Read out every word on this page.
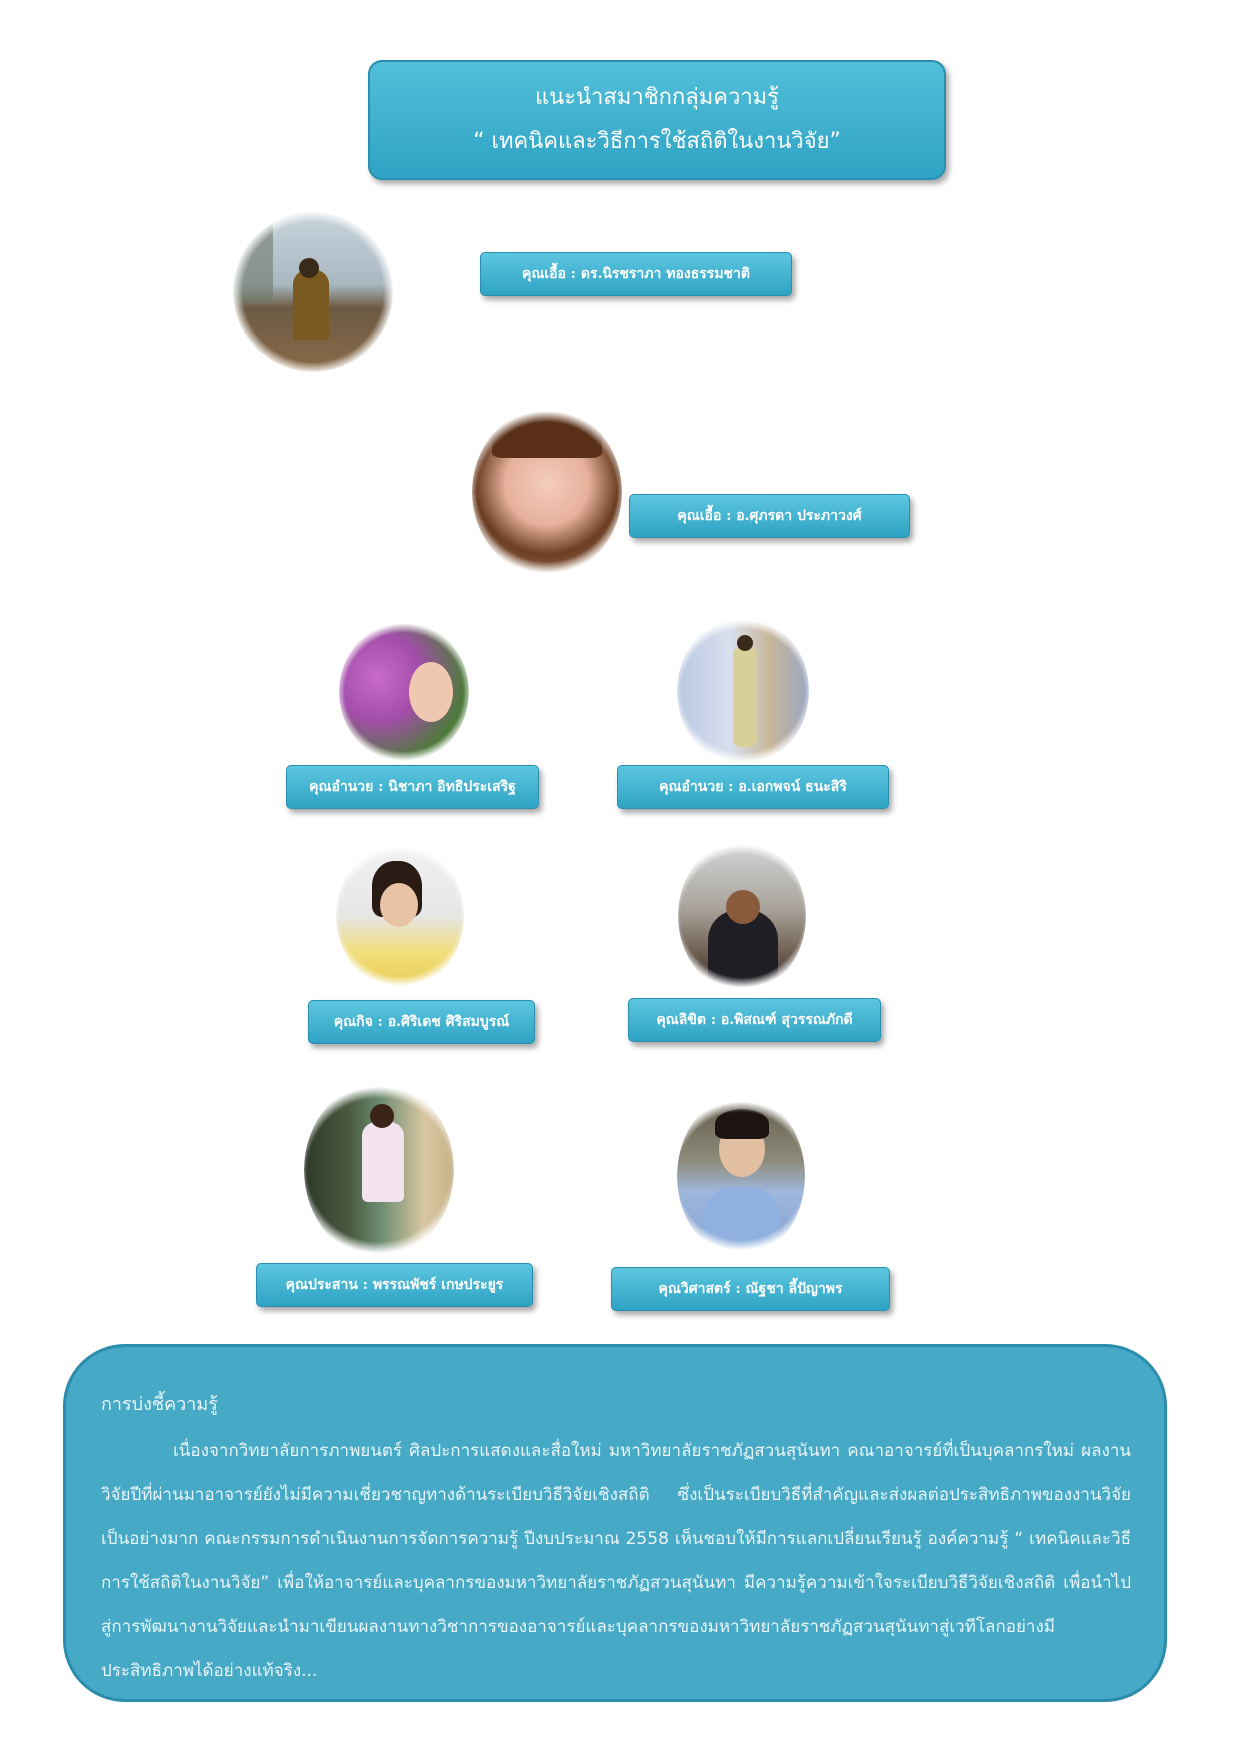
แนะนำสมาชิกกลุ่มความรู้
“ เทคนิคและวิธีการใช้สถิติในงานวิจัย”
คุณเอื้อ : ดร.นิรชราภา ทองธรรมชาติ
คุณเอื้อ : อ.ศุภรดา ประภาวงศ์
คุณอำนวย : นิชาภา อิทธิประเสริฐ	คุณอำนวย : อ.เอกพจน์ ธนะสิริ
คุณกิจ : อ.ศิริเดช ศิริสมบูรณ์	คุณลิขิต : อ.พิสณฑ์ สุวรรณภักดี
คุณประสาน : พรรณพัชร์ เกษประยูร	คุณวิศาสตร์ : ณัฐชา ลี้ปัญาพร
การบ่งชี้ความรู้
เนื่องจากวิทยาลัยการภาพยนตร์ ศิลปะการแสดงและสื่อใหม่ มหาวิทยาลัยราชภัฏสวนสุนันทา คณาอาจารย์ที่เป็นบุคลากรใหม่ ผลงานวิจัยปีที่ผ่านมาอาจารย์ยังไม่มีความเชี่ยวชาญทางด้านระเบียบวิธีวิจัยเชิงสถิติ ซึ่งเป็นระเบียบวิธีที่สำคัญและส่งผลต่อประสิทธิภาพของงานวิจัยเป็นอย่างมาก คณะกรรมการดำเนินงานการจัดการความรู้ ปีงบประมาณ 2558 เห็นชอบให้มีการแลกเปลี่ยนเรียนรู้ องค์ความรู้ “ เทคนิคและวิธีการใช้สถิติในงานวิจัย” เพื่อให้อาจารย์และบุคลากรของมหาวิทยาลัยราชภัฏสวนสุนันทา มีความรู้ความเข้าใจระเบียบวิธีวิจัยเชิงสถิติ เพื่อนำไปสู่การพัฒนางานวิจัยและนำมาเขียนผลงานทางวิชาการของอาจารย์และบุคลากรของมหาวิทยาลัยราชภัฏสวนสุนันทาสู่เวทีโลกอย่างมีประสิทธิภาพได้อย่างแท้จริง...
